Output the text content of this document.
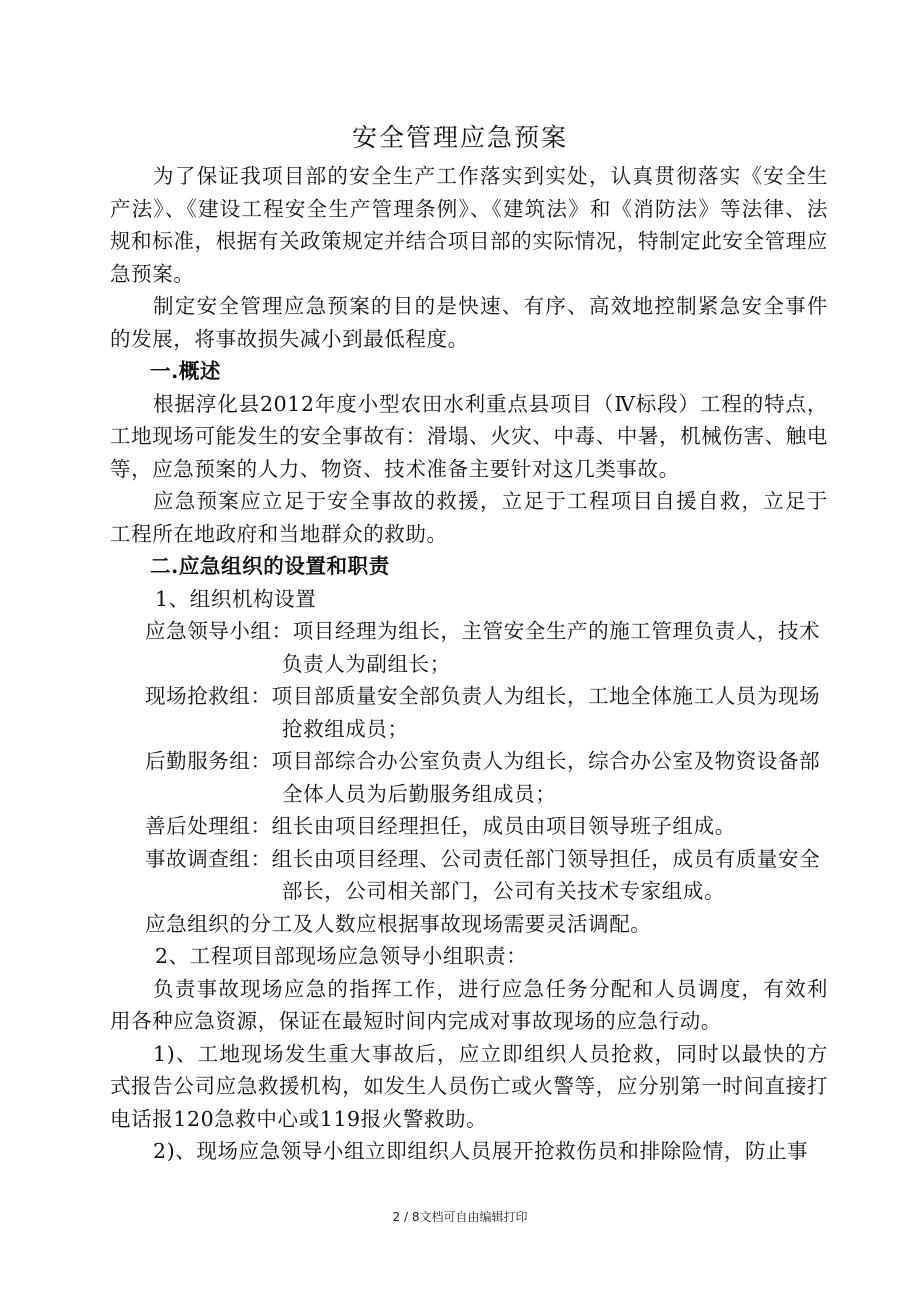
安全管理应急预案

为了保证我项目部的安全生产工作落实到实处，认真贯彻落实《安全生产法》、《建设工程安全生产管理条例》、《建筑法》和《消防法》等法律、法规和标准，根据有关政策规定并结合项目部的实际情况，特制定此安全管理应急预案。

制定安全管理应急预案的目的是快速、有序、高效地控制紧急安全事件的发展，将事故损失减小到最低程度。

一.概述

根据淳化县2012年度小型农田水利重点县项目（Ⅳ标段）工程的特点，工地现场可能发生的安全事故有：滑塌、火灾、中毒、中暑，机械伤害、触电等，应急预案的人力、物资、技术准备主要针对这几类事故。

应急预案应立足于安全事故的救援，立足于工程项目自援自救，立足于工程所在地政府和当地群众的救助。

二.应急组织的设置和职责

1、组织机构设置

应急领导小组：项目经理为组长，主管安全生产的施工管理负责人，技术负责人为副组长；

现场抢救组：项目部质量安全部负责人为组长，工地全体施工人员为现场抢救组成员；

后勤服务组：项目部综合办公室负责人为组长，综合办公室及物资设备部全体人员为后勤服务组成员；

善后处理组：组长由项目经理担任，成员由项目领导班子组成。

事故调查组：组长由项目经理、公司责任部门领导担任，成员有质量安全部长，公司相关部门，公司有关技术专家组成。

应急组织的分工及人数应根据事故现场需要灵活调配。

2、工程项目部现场应急领导小组职责：

负责事故现场应急的指挥工作，进行应急任务分配和人员调度，有效利用各种应急资源，保证在最短时间内完成对事故现场的应急行动。

1)、工地现场发生重大事故后，应立即组织人员抢救，同时以最快的方式报告公司应急救援机构，如发生人员伤亡或火警等，应分别第一时间直接打电话报120急救中心或119报火警救助。

2)、现场应急领导小组立即组织人员展开抢救伤员和排除险情，防止事

2 / 8文档可自由编辑打印
